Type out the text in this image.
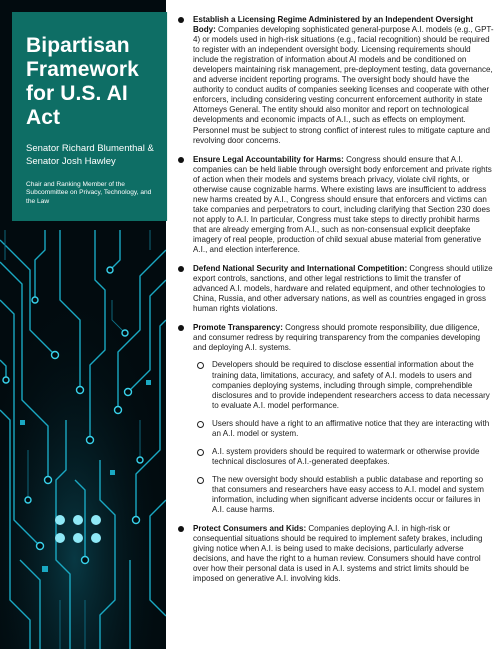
Bipartisan Framework for U.S. AI Act
Senator Richard Blumenthal & Senator Josh Hawley
Chair and Ranking Member of the Subcommittee on Privacy, Technology, and the Law
Establish a Licensing Regime Administered by an Independent Oversight Body: Companies developing sophisticated general-purpose A.I. models (e.g., GPT-4) or models used in high-risk situations (e.g., facial recognition) should be required to register with an independent oversight body. Licensing requirements should include the registration of information about AI models and be conditioned on developers maintaining risk management, pre-deployment testing, data governance, and adverse incident reporting programs. The oversight body should have the authority to conduct audits of companies seeking licenses and cooperate with other enforcers, including considering vesting concurrent enforcement authority in state Attorneys General. The entity should also monitor and report on technological developments and economic impacts of A.I., such as effects on employment. Personnel must be subject to strong conflict of interest rules to mitigate capture and revolving door concerns.
Ensure Legal Accountability for Harms: Congress should ensure that A.I. companies can be held liable through oversight body enforcement and private rights of action when their models and systems breach privacy, violate civil rights, or otherwise cause cognizable harms. Where existing laws are insufficient to address new harms created by A.I., Congress should ensure that enforcers and victims can take companies and perpetrators to court, including clarifying that Section 230 does not apply to A.I. In particular, Congress must take steps to directly prohibit harms that are already emerging from A.I., such as non-consensual explicit deepfake imagery of real people, production of child sexual abuse material from generative A.I., and election interference.
Defend National Security and International Competition: Congress should utilize export controls, sanctions, and other legal restrictions to limit the transfer of advanced A.I. models, hardware and related equipment, and other technologies to China, Russia, and other adversary nations, as well as countries engaged in gross human rights violations.
Promote Transparency: Congress should promote responsibility, due diligence, and consumer redress by requiring transparency from the companies developing and deploying A.I. systems.
Developers should be required to disclose essential information about the training data, limitations, accuracy, and safety of A.I. models to users and companies deploying systems, including through simple, comprehendible disclosures and to provide independent researchers access to data necessary to evaluate A.I. model performance.
Users should have a right to an affirmative notice that they are interacting with an A.I. model or system.
A.I. system providers should be required to watermark or otherwise provide technical disclosures of A.I.-generated deepfakes.
The new oversight body should establish a public database and reporting so that consumers and researchers have easy access to A.I. model and system information, including when significant adverse incidents occur or failures in A.I. cause harms.
Protect Consumers and Kids: Companies deploying A.I. in high-risk or consequential situations should be required to implement safety brakes, including giving notice when A.I. is being used to make decisions, particularly adverse decisions, and have the right to a human review. Consumers should have control over how their personal data is used in A.I. systems and strict limits should be imposed on generative A.I. involving kids.
